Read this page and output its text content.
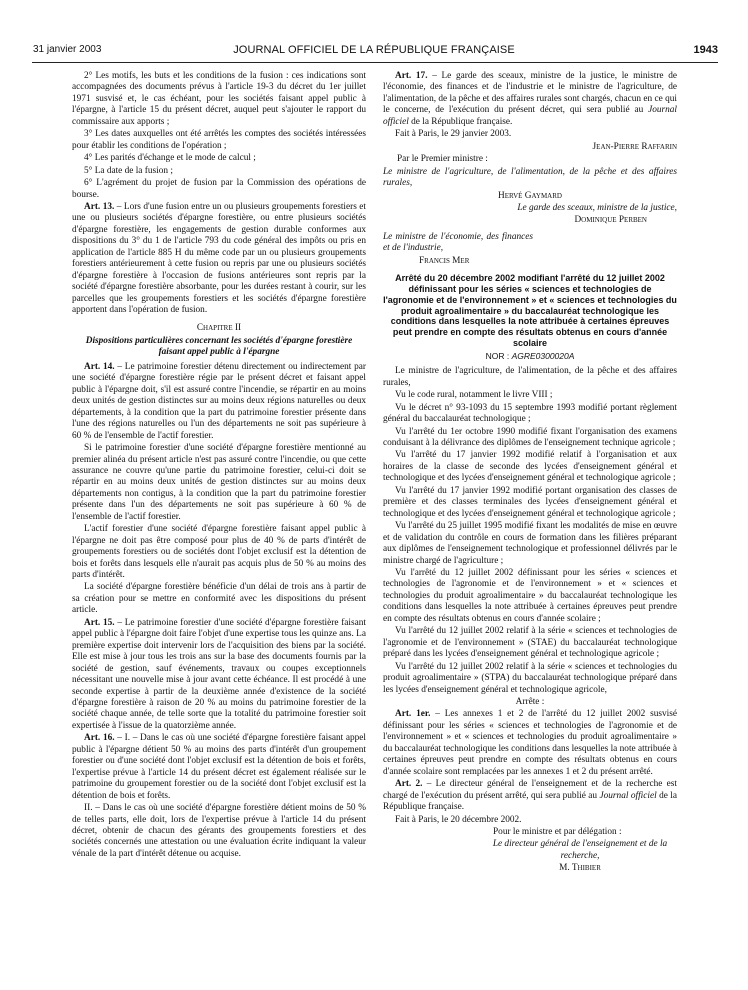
31 janvier 2003	JOURNAL OFFICIEL DE LA RÉPUBLIQUE FRANÇAISE	1943

2° Les motifs, les buts et les conditions de la fusion : ces indications sont accompagnées des documents prévus à l'article 19-3 du décret du 1er juillet 1971 susvisé et, le cas échéant, pour les sociétés faisant appel public à l'épargne, à l'article 15 du présent décret, auquel peut s'ajouter le rapport du commissaire aux apports ;

3° Les dates auxquelles ont été arrêtés les comptes des sociétés intéressées pour établir les conditions de l'opération ;

4° Les parités d'échange et le mode de calcul ;

5° La date de la fusion ;

6° L'agrément du projet de fusion par la Commission des opérations de bourse.

Art. 13. – Lors d'une fusion entre un ou plusieurs groupements forestiers et une ou plusieurs sociétés d'épargne forestière, ou entre plusieurs sociétés d'épargne forestière, les engagements de gestion durable conformes aux dispositions du 3° du 1 de l'article 793 du code général des impôts ou pris en application de l'article 885 H du même code par un ou plusieurs groupements forestiers antérieurement à cette fusion ou repris par une ou plusieurs sociétés d'épargne forestière à l'occasion de fusions antérieures sont repris par la société d'épargne forestière absorbante, pour les durées restant à courir, sur les parcelles que les groupements forestiers et les sociétés d'épargne forestière apportent dans l'opération de fusion.

Chapitre II
Dispositions particulières concernant les sociétés d'épargne forestière faisant appel public à l'épargne

Art. 14. – Le patrimoine forestier détenu directement ou indirectement par une société d'épargne forestière régie par le présent décret et faisant appel public à l'épargne doit, s'il est assuré contre l'incendie, se répartir en au moins deux unités de gestion distinctes sur au moins deux régions naturelles ou deux départements, à la condition que la part du patrimoine forestier présente dans l'une des régions naturelles ou l'un des départements ne soit pas supérieure à 60 % de l'ensemble de l'actif forestier.

Si le patrimoine forestier d'une société d'épargne forestière mentionné au premier alinéa du présent article n'est pas assuré contre l'incendie, ou que cette assurance ne couvre qu'une partie du patrimoine forestier, celui-ci doit se répartir en au moins deux unités de gestion distinctes sur au moins deux départements non contigus, à la condition que la part du patrimoine forestier présente dans l'un des départements ne soit pas supérieure à 60 % de l'ensemble de l'actif forestier.

L'actif forestier d'une société d'épargne forestière faisant appel public à l'épargne ne doit pas être composé pour plus de 40 % de parts d'intérêt de groupements forestiers ou de sociétés dont l'objet exclusif est la détention de bois et forêts dans lesquels elle n'aurait pas acquis plus de 50 % au moins des parts d'intérêt.

La société d'épargne forestière bénéficie d'un délai de trois ans à partir de sa création pour se mettre en conformité avec les dispositions du présent article.

Art. 15. – Le patrimoine forestier d'une société d'épargne forestière faisant appel public à l'épargne doit faire l'objet d'une expertise tous les quinze ans. La première expertise doit intervenir lors de l'acquisition des biens par la société. Elle est mise à jour tous les trois ans sur la base des documents fournis par la société de gestion, sauf événements, travaux ou coupes exceptionnels nécessitant une nouvelle mise à jour avant cette échéance. Il est procédé à une seconde expertise à partir de la deuxième année d'existence de la société d'épargne forestière à raison de 20 % au moins du patrimoine forestier de la société chaque année, de telle sorte que la totalité du patrimoine forestier soit expertisée à l'issue de la quatorzième année.

Art. 16. – I. – Dans le cas où une société d'épargne forestière faisant appel public à l'épargne détient 50 % au moins des parts d'intérêt d'un groupement forestier ou d'une société dont l'objet exclusif est la détention de bois et forêts, l'expertise prévue à l'article 14 du présent décret est également réalisée sur le patrimoine du groupement forestier ou de la société dont l'objet exclusif est la détention de bois et forêts.

II. – Dans le cas où une société d'épargne forestière détient moins de 50 % de telles parts, elle doit, lors de l'expertise prévue à l'article 14 du présent décret, obtenir de chacun des gérants des groupements forestiers et des sociétés concernés une attestation ou une évaluation écrite indiquant la valeur vénale de la part d'intérêt détenue ou acquise.

Art. 17. – Le garde des sceaux, ministre de la justice, le ministre de l'économie, des finances et de l'industrie et le ministre de l'agriculture, de l'alimentation, de la pêche et des affaires rurales sont chargés, chacun en ce qui le concerne, de l'exécution du présent décret, qui sera publié au Journal officiel de la République française.

Fait à Paris, le 29 janvier 2003.

Jean-Pierre Raffarin

Par le Premier ministre :

Le ministre de l'agriculture, de l'alimentation, de la pêche et des affaires rurales,

Hervé Gaymard

Le garde des sceaux, ministre de la justice,

Dominique Perben

Le ministre de l'économie, des finances et de l'industrie,

Francis Mer

Arrêté du 20 décembre 2002 modifiant l'arrêté du 12 juillet 2002 définissant pour les séries « sciences et technologies de l'agronomie et de l'environnement » et « sciences et technologies du produit agroalimentaire » du baccalauréat technologique les conditions dans lesquelles la note attribuée à certaines épreuves peut prendre en compte des résultats obtenus en cours d'année scolaire
NOR : AGRE0300020A

Le ministre de l'agriculture, de l'alimentation, de la pêche et des affaires rurales,

Vu le code rural, notamment le livre VIII ;

Vu le décret n° 93-1093 du 15 septembre 1993 modifié portant règlement général du baccalauréat technologique ;

Vu l'arrêté du 1er octobre 1990 modifié fixant l'organisation des examens conduisant à la délivrance des diplômes de l'enseignement technique agricole ;

Vu l'arrêté du 17 janvier 1992 modifié relatif à l'organisation et aux horaires de la classe de seconde des lycées d'enseignement général et technologique et des lycées d'enseignement général et technologique agricole ;

Vu l'arrêté du 17 janvier 1992 modifié portant organisation des classes de première et des classes terminales des lycées d'enseignement général et technologique et des lycées d'enseignement général et technologique agricole ;

Vu l'arrêté du 25 juillet 1995 modifié fixant les modalités de mise en œuvre et de validation du contrôle en cours de formation dans les filières préparant aux diplômes de l'enseignement technologique et professionnel délivrés par le ministre chargé de l'agriculture ;

Vu l'arrêté du 12 juillet 2002 définissant pour les séries « sciences et technologies de l'agronomie et de l'environnement » et « sciences et technologies du produit agroalimentaire » du baccalauréat technologique les conditions dans lesquelles la note attribuée à certaines épreuves peut prendre en compte des résultats obtenus en cours d'année scolaire ;

Vu l'arrêté du 12 juillet 2002 relatif à la série « sciences et technologies de l'agronomie et de l'environnement » (STAE) du baccalauréat technologique préparé dans les lycées d'enseignement général et technologique agricole ;

Vu l'arrêté du 12 juillet 2002 relatif à la série « sciences et technologies du produit agroalimentaire » (STPA) du baccalauréat technologique préparé dans les lycées d'enseignement général et technologique agricole,

Arrête :

Art. 1er. – Les annexes 1 et 2 de l'arrêté du 12 juillet 2002 susvisé définissant pour les séries « sciences et technologies de l'agronomie et de l'environnement » et « sciences et technologies du produit agroalimentaire » du baccalauréat technologique les conditions dans lesquelles la note attribuée à certaines épreuves peut prendre en compte des résultats obtenus en cours d'année scolaire sont remplacées par les annexes 1 et 2 du présent arrêté.

Art. 2. – Le directeur général de l'enseignement et de la recherche est chargé de l'exécution du présent arrêté, qui sera publié au Journal officiel de la République française.

Fait à Paris, le 20 décembre 2002.

Pour le ministre et par délégation :

Le directeur général de l'enseignement et de la recherche,

M. Thibier
